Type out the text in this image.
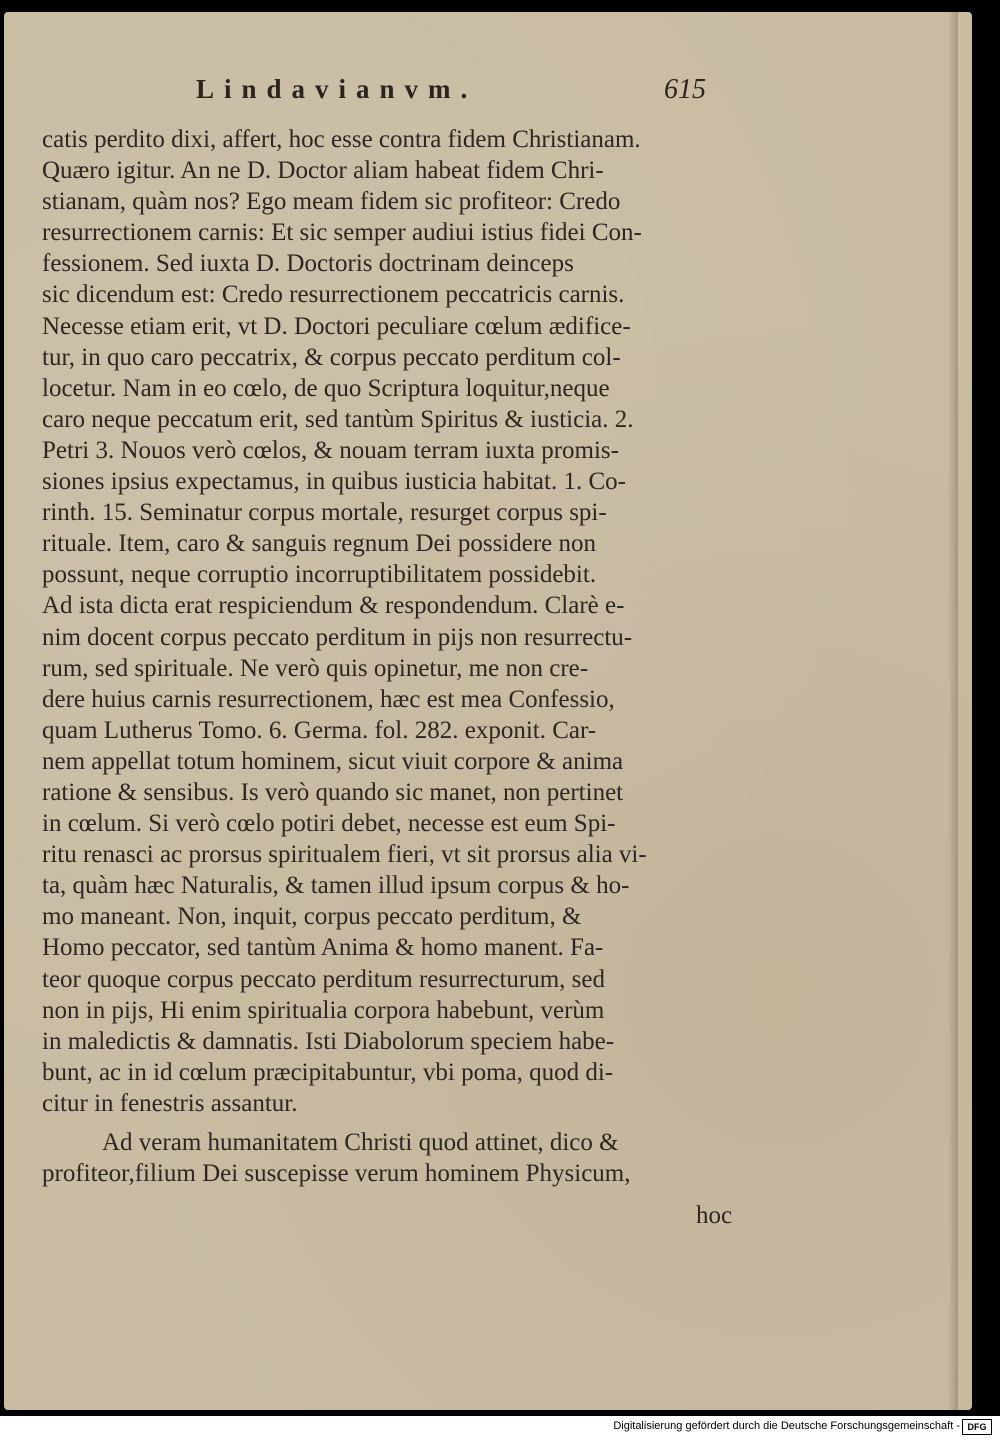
Lindavianvm.	615
catis perdito dixi, affert, hoc esse contra fidem Christianam.
Quæro igitur. An ne D. Doctor aliam habeat fidem Chri-
stianam, quàm nos? Ego meam fidem sic profiteor: Credo
resurrectionem carnis: Et sic semper audiui istius fidei Con-
fessionem. Sed iuxta D. Doctoris doctrinam deinceps
sic dicendum est: Credo resurrectionem peccatricis carnis.
Necesse etiam erit, vt D. Doctori peculiare cœlum ædifice-
tur, in quo caro peccatrix, & corpus peccato perditum col-
locetur. Nam in eo cœlo, de quo Scriptura loquitur,neque
caro neque peccatum erit, sed tantùm Spiritus & iusticia. 2.
Petri 3. Nouos verò cœlos, & nouam terram iuxta promis-
siones ipsius expectamus, in quibus iusticia habitat. 1. Co-
rinth. 15. Seminatur corpus mortale, resurget corpus spi-
rituale. Item, caro & sanguis regnum Dei possidere non
possunt, neque corruptio incorruptibilitatem possidebit.
Ad ista dicta erat respiciendum & respondendum. Clarè e-
nim docent corpus peccato perditum in pijs non resurrectu-
rum, sed spirituale. Ne verò quis opinetur, me non cre-
dere huius carnis resurrectionem, hæc est mea Confessio,
quam Lutherus Tomo. 6. Germa. fol. 282. exponit. Car-
nem appellat totum hominem, sicut viuit corpore & anima
ratione & sensibus. Is verò quando sic manet, non pertinet
in cœlum. Si verò cœlo potiri debet, necesse est eum Spi-
ritu renasci ac prorsus spiritualem fieri, vt sit prorsus alia vi-
ta, quàm hæc Naturalis, & tamen illud ipsum corpus & ho-
mo maneant. Non, inquit, corpus peccato perditum, &
Homo peccator, sed tantùm Anima & homo manent. Fa-
teor quoque corpus peccato perditum resurrecturum, sed
non in pijs, Hi enim spiritualia corpora habebunt, verùm
in maledictis & damnatis. Isti Diabolorum speciem habe-
bunt, ac in id cœlum præcipitabuntur, vbi poma, quod di-
citur in fenestris assantur.
Ad veram humanitatem Christi quod attinet, dico &
profiteor,filium Dei suscepisse verum hominem Physicum,
hoc
Digitalisierung gefördert durch die Deutsche Forschungsgemeinschaft - DFG
